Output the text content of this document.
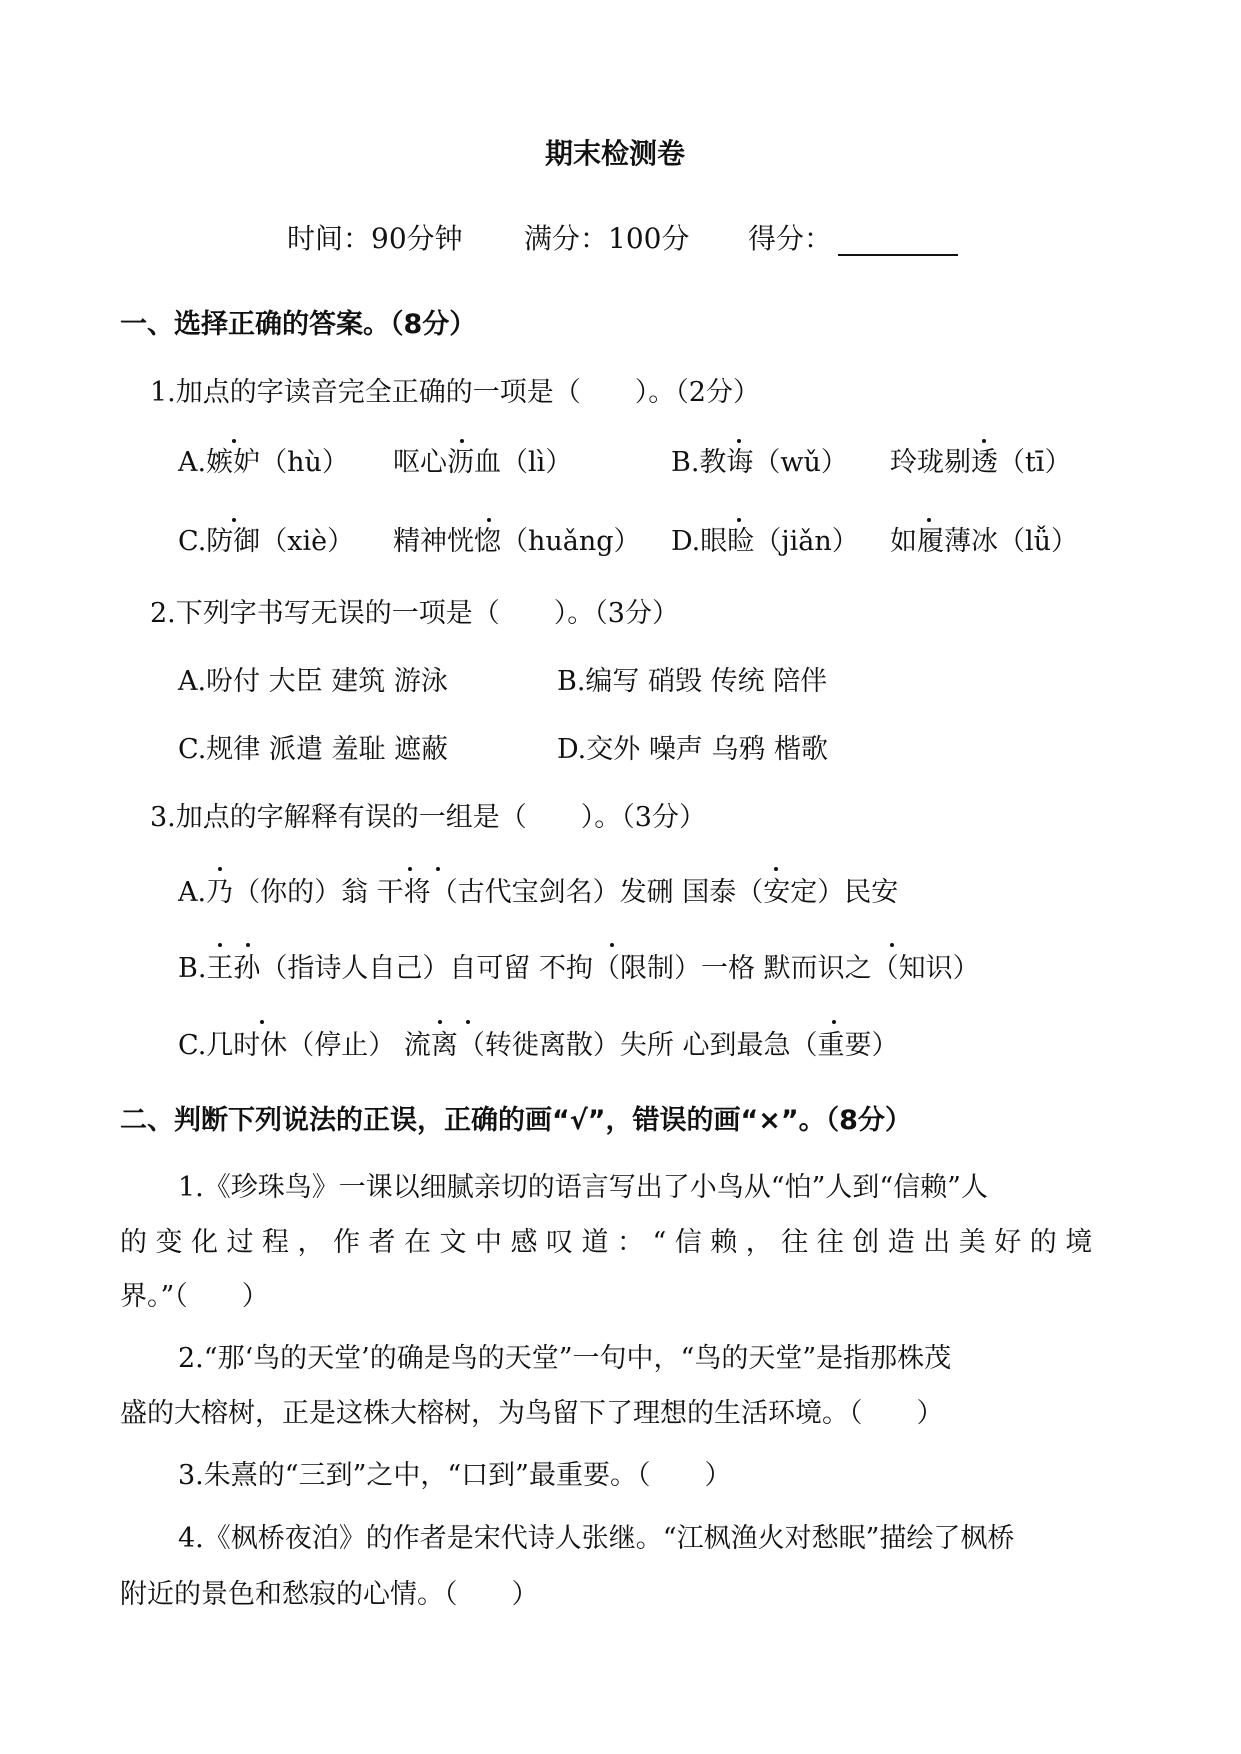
期末检测卷
时间：90分钟 满分：100分 得分：
一、选择正确的答案。（8分）
1.加点的字读音完全正确的一项是（　　）。（2分）
A.嫉妒（hù） 呕心沥血（lì）	B.教诲（wǔ） 玲珑剔透（tī）
C.防御（xiè） 精神恍惚（huǎng） D.眼睑（jiǎn） 如履薄冰（lǚ）
2.下列字书写无误的一项是（　　）。（3分）
A.吩付 大臣 建筑 游泳	B.编写 硝毁 传统 陪伴
C.规律 派遣 羞耻 遮蔽	D.交外 噪声 乌鸦 楷歌
3.加点的字解释有误的一组是（　　）。（3分）
A.乃（你的）翁 干将（古代宝剑名）发硎 国泰（安定）民安
B.王孙（指诗人自己）自可留 不拘（限制）一格 默而识之（知识）
C.几时休（停止） 流离（转徙离散）失所 心到最急（重要）
二、判断下列说法的正误，正确的画“√”，错误的画“×”。（8分）
1.《珍珠鸟》一课以细腻亲切的语言写出了小鸟从“怕”人到“信赖”人
的变化过程，作者在文中感叹道：“信赖，往往创造出美好的境
界。”（　　）
2.“那‘鸟的天堂’的确是鸟的天堂”一句中，“鸟的天堂”是指那株茂
盛的大榕树，正是这株大榕树，为鸟留下了理想的生活环境。（　　）
3.朱熹的“三到”之中，“口到”最重要。（　　）
4.《枫桥夜泊》的作者是宋代诗人张继。“江枫渔火对愁眠”描绘了枫桥
附近的景色和愁寂的心情。（　　）
